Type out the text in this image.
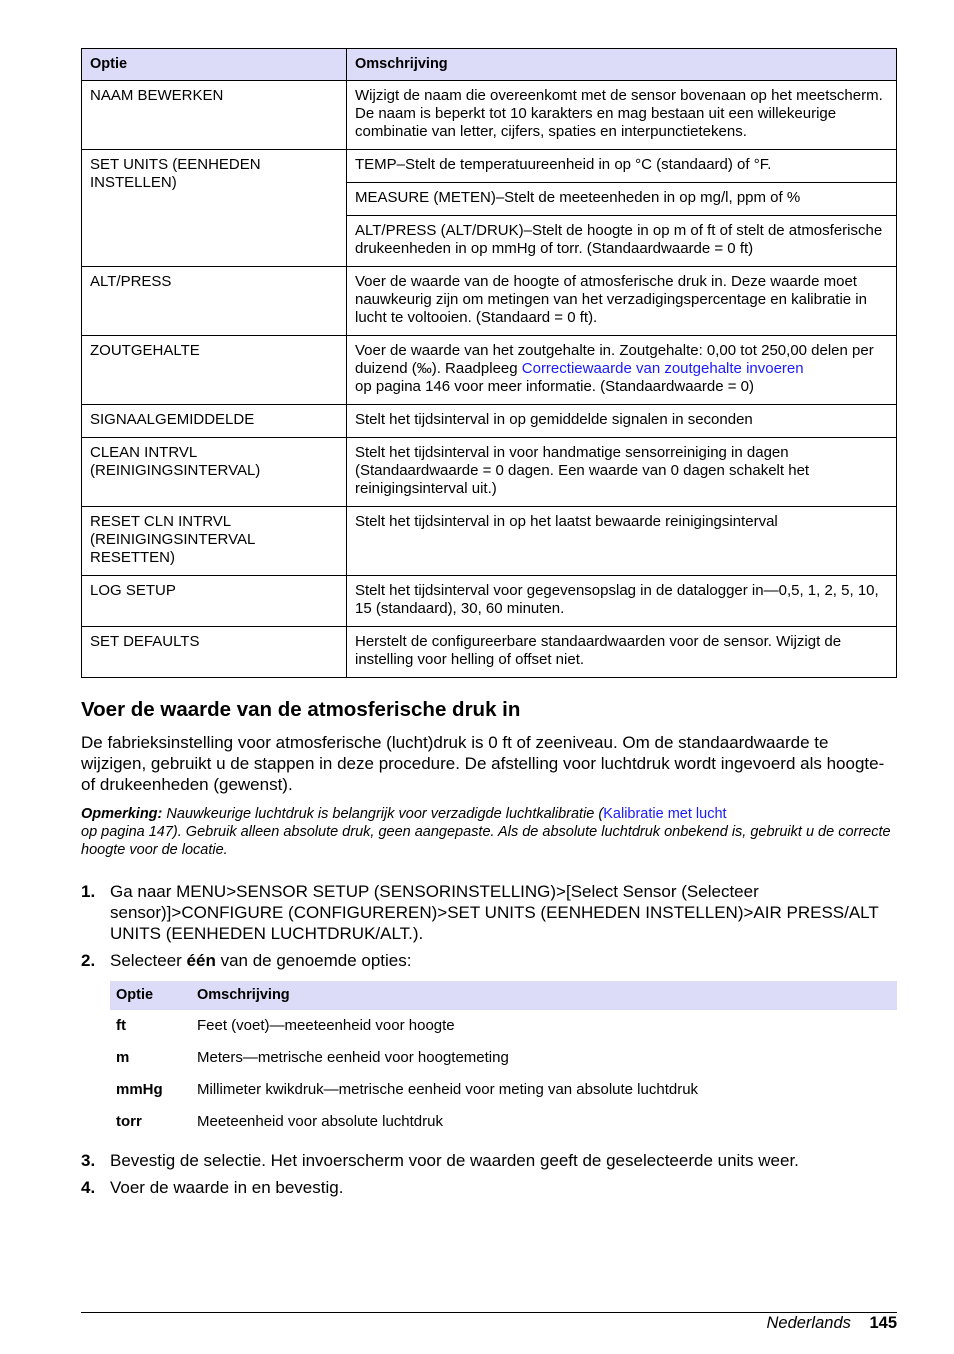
Optie	Omschrijving
NAAM BEWERKEN	Wijzigt de naam die overeenkomt met de sensor bovenaan op het meetscherm. De naam is beperkt tot 10 karakters en mag bestaan uit een willekeurige combinatie van letter, cijfers, spaties en interpunctietekens.
SET UNITS (EENHEDEN INSTELLEN)	TEMP–Stelt de temperatuureenheid in op °C (standaard) of °F.
	MEASURE (METEN)–Stelt de meeteenheden in op mg/l, ppm of %
	ALT/PRESS (ALT/DRUK)–Stelt de hoogte in op m of ft of stelt de atmosferische drukeenheden in op mmHg of torr. (Standaardwaarde = 0 ft)
ALT/PRESS	Voer de waarde van de hoogte of atmosferische druk in. Deze waarde moet nauwkeurig zijn om metingen van het verzadigingspercentage en kalibratie in lucht te voltooien. (Standaard = 0 ft).
ZOUTGEHALTE	Voer de waarde van het zoutgehalte in. Zoutgehalte: 0,00 tot 250,00 delen per duizend (‰). Raadpleeg Correctiewaarde van zoutgehalte invoeren
op pagina 146 voor meer informatie. (Standaardwaarde = 0)
SIGNAALGEMIDDELDE	Stelt het tijdsinterval in op gemiddelde signalen in seconden
CLEAN INTRVL (REINIGINGSINTERVAL)	Stelt het tijdsinterval in voor handmatige sensorreiniging in dagen (Standaardwaarde = 0 dagen. Een waarde van 0 dagen schakelt het reinigingsinterval uit.)
RESET CLN INTRVL (REINIGINGSINTERVAL RESETTEN)	Stelt het tijdsinterval in op het laatst bewaarde reinigingsinterval
LOG SETUP	Stelt het tijdsinterval voor gegevensopslag in de datalogger in—0,5, 1, 2, 5, 10, 15 (standaard), 30, 60 minuten.
SET DEFAULTS	Herstelt de configureerbare standaardwaarden voor de sensor. Wijzigt de instelling voor helling of offset niet.
Voer de waarde van de atmosferische druk in

De fabrieksinstelling voor atmosferische (lucht)druk is 0 ft of zeeniveau. Om de standaardwaarde te wijzigen, gebruikt u de stappen in deze procedure. De afstelling voor luchtdruk wordt ingevoerd als hoogte- of drukeenheden (gewenst).

Opmerking: Nauwkeurige luchtdruk is belangrijk voor verzadigde luchtkalibratie (Kalibratie met lucht
op pagina 147). Gebruik alleen absolute druk, geen aangepaste. Als de absolute luchtdruk onbekend is, gebruikt u de correcte hoogte voor de locatie.

1. Ga naar MENU>SENSOR SETUP (SENSORINSTELLING)>[Select Sensor (Selecteer sensor)]>CONFIGURE (CONFIGUREREN)>SET UNITS (EENHEDEN INSTELLEN)>AIR PRESS/ALT UNITS (EENHEDEN LUCHTDRUK/ALT.).
2. Selecteer één van de genoemde opties:
Optie	Omschrijving
ft	Feet (voet)—meeteenheid voor hoogte
m	Meters—metrische eenheid voor hoogtemeting
mmHg	Millimeter kwikdruk—metrische eenheid voor meting van absolute luchtdruk
torr	Meeteenheid voor absolute luchtdruk
3. Bevestig de selectie. Het invoerscherm voor de waarden geeft de geselecteerde units weer.
4. Voer de waarde in en bevestig.
Nederlands 145
